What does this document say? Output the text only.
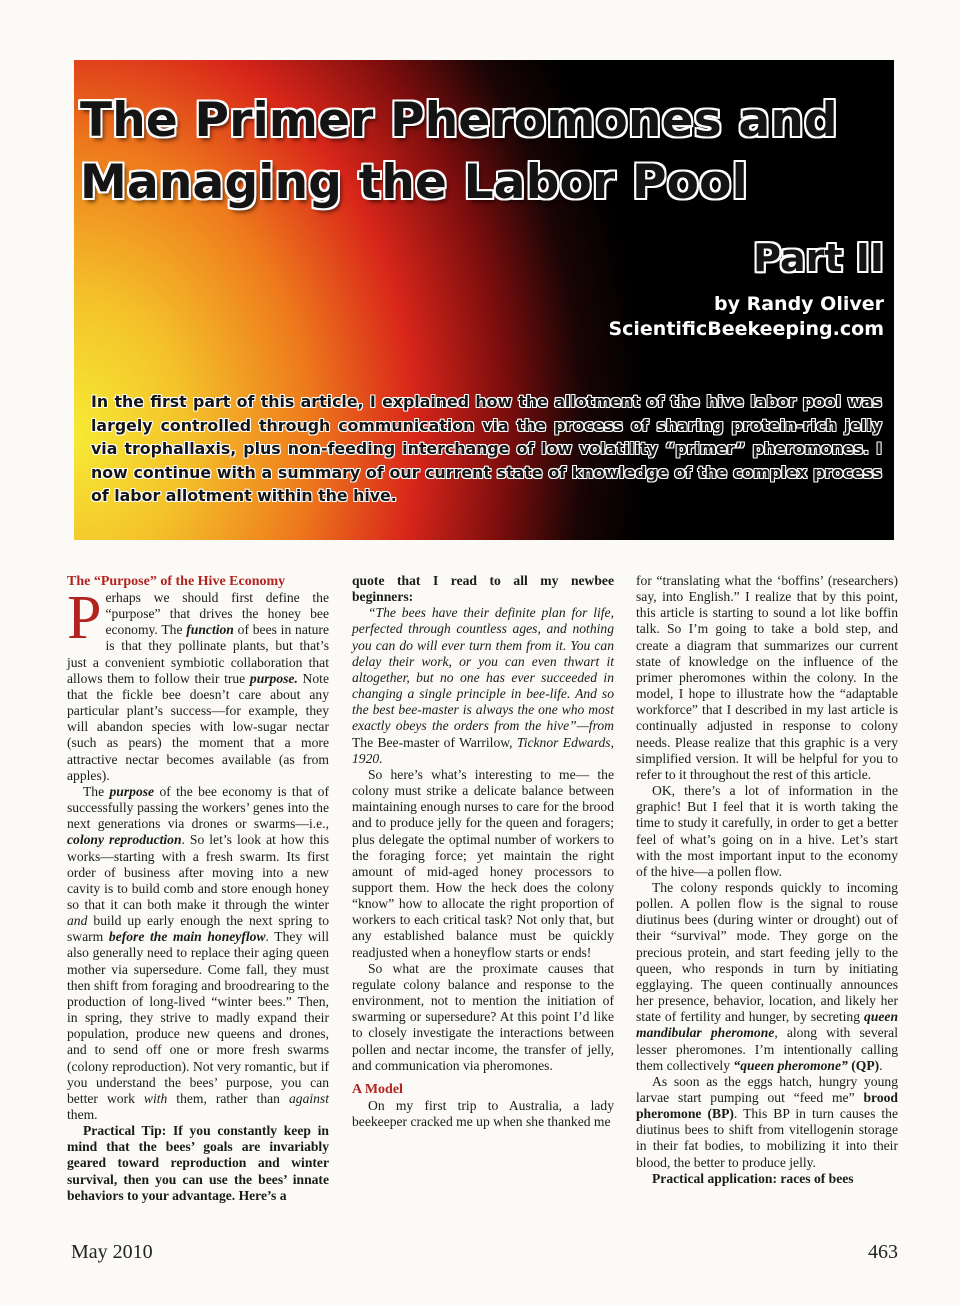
The Primer Pheromones and
Managing the Labor Pool
Part II
by Randy Oliver
ScientificBeekeeping.com

In the first part of this article, I explained how the allotment of the hive labor pool was largely controlled through communication via the process of sharing protein-rich jelly via trophallaxis, plus non-feeding interchange of low volatility “primer” pheromones. I now continue with a summary of our current state of knowledge of the complex process of labor allotment within the hive.

The “Purpose” of the Hive Economy

Perhaps we should first define the “purpose” that drives the honey bee economy. The function of bees in nature is that they pollinate plants, but that’s just a convenient symbiotic collaboration that allows them to follow their true purpose. Note that the fickle bee doesn’t care about any particular plant’s success—for example, they will abandon species with low-sugar nectar (such as pears) the moment that a more attractive nectar becomes available (as from apples).

The purpose of the bee economy is that of successfully passing the workers’ genes into the next generations via drones or swarms—i.e., colony reproduction. So let’s look at how this works—starting with a fresh swarm. Its first order of business after moving into a new cavity is to build comb and store enough honey so that it can both make it through the winter and build up early enough the next spring to swarm before the main honeyflow. They will also generally need to replace their aging queen mother via supersedure. Come fall, they must then shift from foraging and broodrearing to the production of long-lived “winter bees.” Then, in spring, they strive to madly expand their population, produce new queens and drones, and to send off one or more fresh swarms (colony reproduction). Not very romantic, but if you understand the bees’ purpose, you can better work with them, rather than against them.

Practical Tip: If you constantly keep in mind that the bees’ goals are invariably geared toward reproduction and winter survival, then you can use the bees’ innate behaviors to your advantage. Here’s a

quote that I read to all my newbee beginners:

“The bees have their definite plan for life, perfected through countless ages, and nothing you can do will ever turn them from it. You can delay their work, or you can even thwart it altogether, but no one has ever succeeded in changing a single principle in bee-life. And so the best bee-master is always the one who most exactly obeys the orders from the hive”—from The Bee-master of Warrilow, Ticknor Edwards, 1920.

So here’s what’s interesting to me— the colony must strike a delicate balance between maintaining enough nurses to care for the brood and to produce jelly for the queen and foragers; plus delegate the optimal number of workers to the foraging force; yet maintain the right amount of mid-aged honey processors to support them. How the heck does the colony “know” how to allocate the right proportion of workers to each critical task? Not only that, but any established balance must be quickly readjusted when a honeyflow starts or ends!

So what are the proximate causes that regulate colony balance and response to the environment, not to mention the initiation of swarming or supersedure? At this point I’d like to closely investigate the interactions between pollen and nectar income, the transfer of jelly, and communication via pheromones.

A Model

On my first trip to Australia, a lady beekeeper cracked me up when she thanked me

for “translating what the ‘boffins’ (researchers) say, into English.” I realize that by this point, this article is starting to sound a lot like boffin talk. So I’m going to take a bold step, and create a diagram that summarizes our current state of knowledge on the influence of the primer pheromones within the colony. In the model, I hope to illustrate how the “adaptable workforce” that I described in my last article is continually adjusted in response to colony needs. Please realize that this graphic is a very simplified version. It will be helpful for you to refer to it throughout the rest of this article.

OK, there’s a lot of information in the graphic! But I feel that it is worth taking the time to study it carefully, in order to get a better feel of what’s going on in a hive. Let’s start with the most important input to the economy of the hive—a pollen flow.

The colony responds quickly to incoming pollen. A pollen flow is the signal to rouse diutinus bees (during winter or drought) out of their “survival” mode. They gorge on the precious protein, and start feeding jelly to the queen, who responds in turn by initiating egglaying. The queen continually announces her presence, behavior, location, and likely her state of fertility and hunger, by secreting queen mandibular pheromone, along with several lesser pheromones. I’m intentionally calling them collectively “queen pheromone” (QP).

As soon as the eggs hatch, hungry young larvae start pumping out “feed me” brood pheromone (BP). This BP in turn causes the diutinus bees to shift from vitellogenin storage in their fat bodies, to mobilizing it into their blood, the better to produce jelly.

Practical application: races of bees

May 2010	463
